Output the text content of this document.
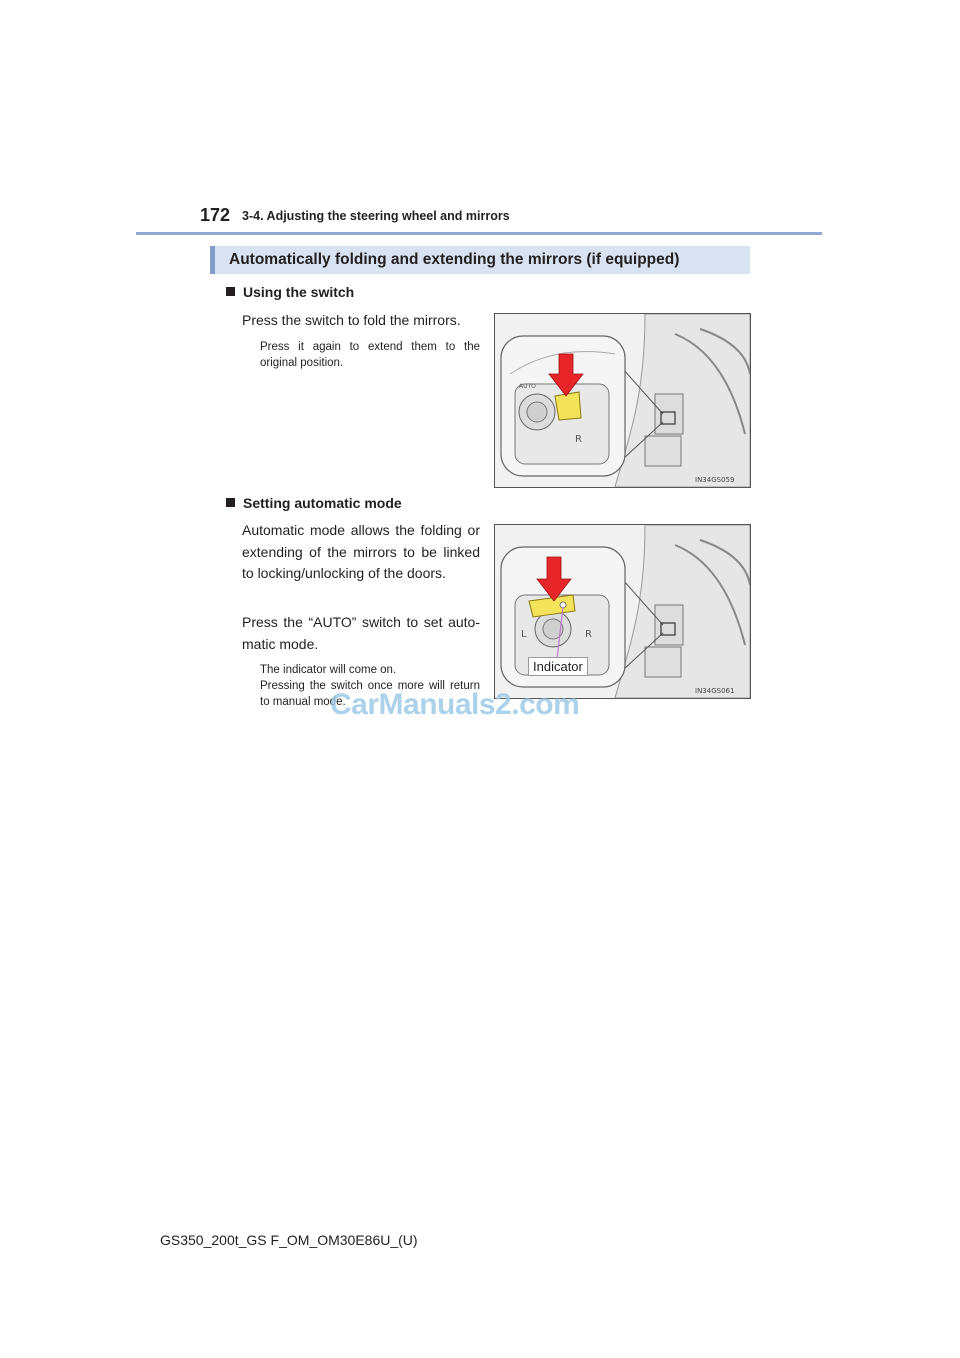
172 3-4. Adjusting the steering wheel and mirrors
Automatically folding and extending the mirrors (if equipped)
Using the switch
Press the switch to fold the mirrors.
Press it again to extend them to the original position.
R
AUTO
IN34GS059
Setting automatic mode
Automatic mode allows the folding or extending of the mirrors to be linked to locking/unlocking of the doors.
Press the “AUTO” switch to set auto-matic mode.
The indicator will come on.
Pressing the switch once more will return to manual mode.
L	R
IN34GS061
Indicator
CarManuals2.com
GS350_200t_GS F_OM_OM30E86U_(U)
